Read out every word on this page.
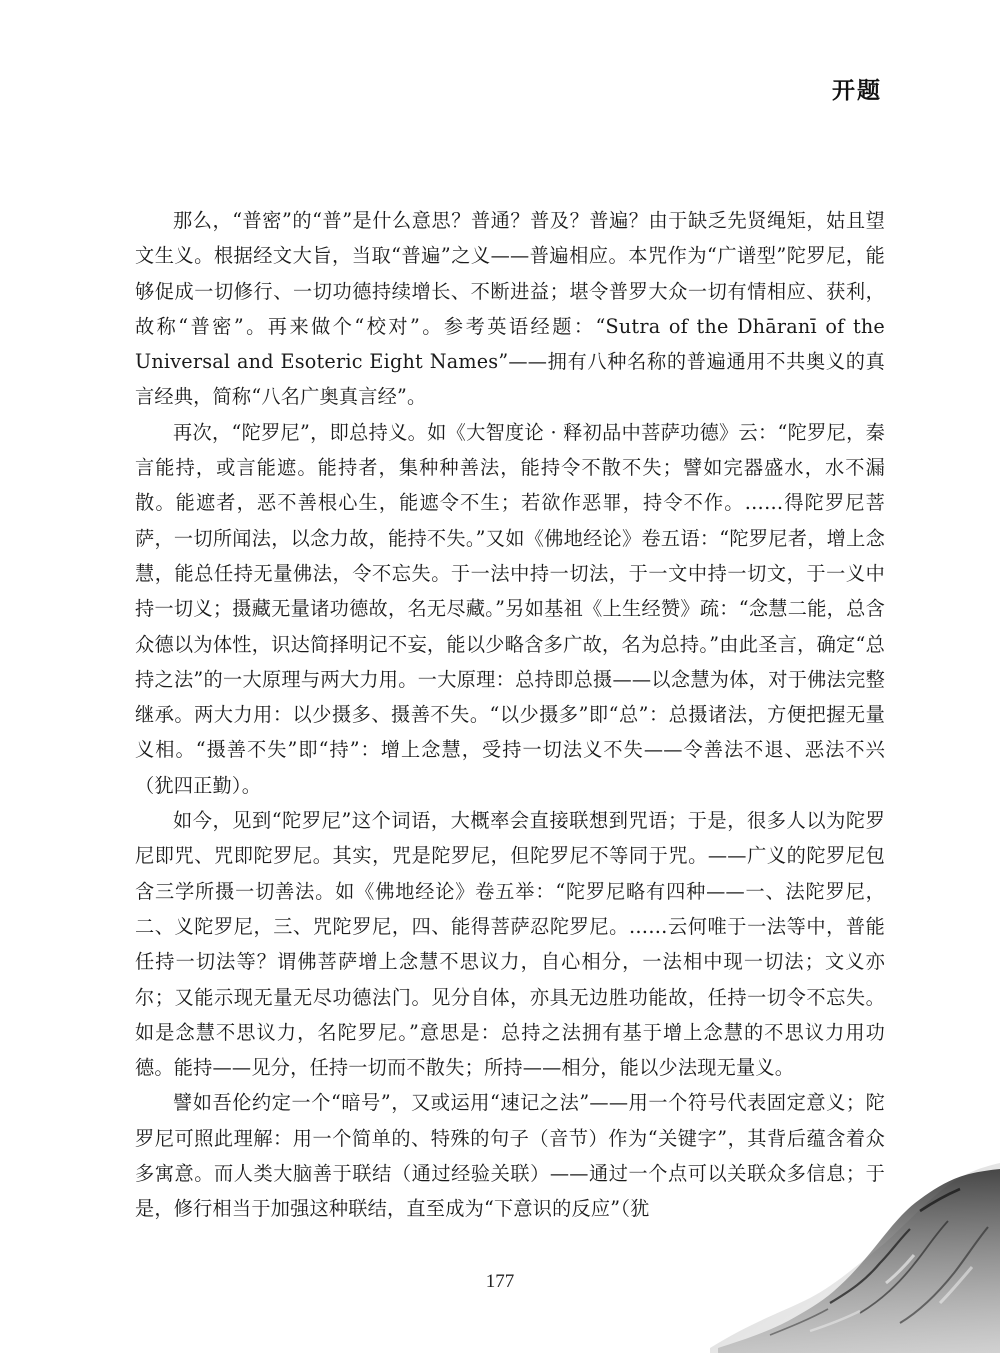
开题

那么，“普密”的“普”是什么意思？普通？普及？普遍？由于缺乏先贤绳矩，姑且望文生义。根据经文大旨，当取“普遍”之义——普遍相应。本咒作为“广谱型”陀罗尼，能够促成一切修行、一切功德持续增长、不断进益；堪令普罗大众一切有情相应、获利，故称“普密”。再来做个“校对”。参考英语经题：“Sutra of the Dhāranī of the Universal and Esoteric Eight Names”——拥有八种名称的普遍通用不共奥义的真言经典，简称“八名广奥真言经”。

再次，“陀罗尼”，即总持义。如《大智度论 · 释初品中菩萨功德》云：“陀罗尼，秦言能持，或言能遮。能持者，集种种善法，能持令不散不失；譬如完器盛水，水不漏散。能遮者，恶不善根心生，能遮令不生；若欲作恶罪，持令不作。……得陀罗尼菩萨，一切所闻法，以念力故，能持不失。”又如《佛地经论》卷五语：“陀罗尼者，增上念慧，能总任持无量佛法，令不忘失。于一法中持一切法，于一文中持一切文，于一义中持一切义；摄藏无量诸功德故，名无尽藏。”另如基祖《上生经赞》疏：“念慧二能，总含众德以为体性，识达简择明记不妄，能以少略含多广故，名为总持。”由此圣言，确定“总持之法”的一大原理与两大力用。一大原理：总持即总摄——以念慧为体，对于佛法完整继承。两大力用：以少摄多、摄善不失。“以少摄多”即“总”：总摄诸法，方便把握无量义相。“摄善不失”即“持”：增上念慧，受持一切法义不失——令善法不退、恶法不兴（犹四正勤）。

如今，见到“陀罗尼”这个词语，大概率会直接联想到咒语；于是，很多人以为陀罗尼即咒、咒即陀罗尼。其实，咒是陀罗尼，但陀罗尼不等同于咒。——广义的陀罗尼包含三学所摄一切善法。如《佛地经论》卷五举：“陀罗尼略有四种——一、法陀罗尼，二、义陀罗尼，三、咒陀罗尼，四、能得菩萨忍陀罗尼。……云何唯于一法等中，普能任持一切法等？谓佛菩萨增上念慧不思议力，自心相分，一法相中现一切法；文义亦尔；又能示现无量无尽功德法门。见分自体，亦具无边胜功能故，任持一切令不忘失。如是念慧不思议力，名陀罗尼。”意思是：总持之法拥有基于增上念慧的不思议力用功德。能持——见分，任持一切而不散失；所持——相分，能以少法现无量义。

譬如吾伦约定一个“暗号”，又或运用“速记之法”——用一个符号代表固定意义；陀罗尼可照此理解：用一个简单的、特殊的句子（音节）作为“关键字”，其背后蕴含着众多寓意。而人类大脑善于联结（通过经验关联）——通过一个点可以关联众多信息；于是，修行相当于加强这种联结，直至成为“下意识的反应”（犹

177
